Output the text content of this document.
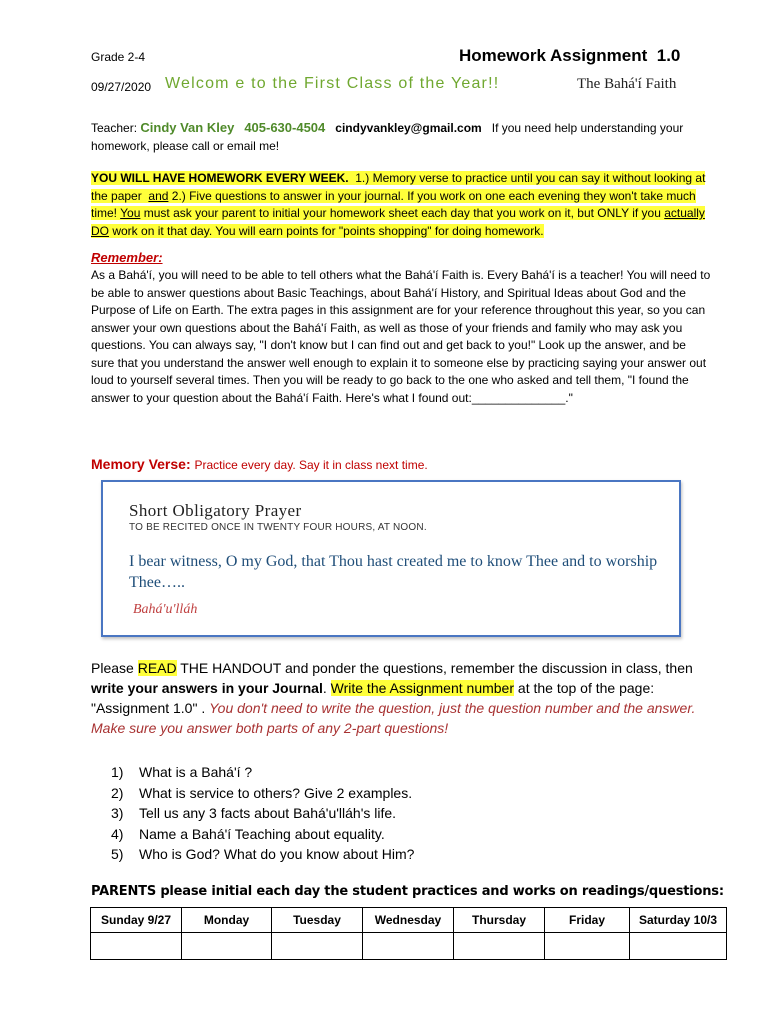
Grade 2-4	Homework Assignment  1.0
09/27/2020 Welcom e to the First Class of the Year!!	The Bahá'í Faith
Teacher: Cindy Van Kley 405-630-4504 cindyvankley@gmail.com If you need help understanding your homework, please call or email me!
YOU WILL HAVE HOMEWORK EVERY WEEK. 1.) Memory verse to practice until you can say it without looking at the paper and 2.) Five questions to answer in your journal. If you work on one each evening they won't take much time! You must ask your parent to initial your homework sheet each day that you work on it, but ONLY if you actually DO work on it that day. You will earn points for "points shopping" for doing homework.
Remember:
As a Bahá'í, you will need to be able to tell others what the Bahá'í Faith is. Every Bahá'í is a teacher! You will need to be able to answer questions about Basic Teachings, about Bahá'í History, and Spiritual Ideas about God and the Purpose of Life on Earth. The extra pages in this assignment are for your reference throughout this year, so you can answer your own questions about the Bahá'í Faith, as well as those of your friends and family who may ask you questions. You can always say, "I don't know but I can find out and get back to you!" Look up the answer, and be sure that you understand the answer well enough to explain it to someone else by practicing saying your answer out loud to yourself several times. Then you will be ready to go back to the one who asked and tell them, "I found the answer to your question about the Bahá'í Faith. Here's what I found out:______________."
Memory Verse: Practice every day. Say it in class next time.
Short Obligatory Prayer
TO BE RECITED ONCE IN TWENTY FOUR HOURS, AT NOON.
I bear witness, O my God, that Thou hast created me to know Thee and to worship Thee…..
Bahá'u'lláh
Please READ THE HANDOUT and ponder the questions, remember the discussion in class, then write your answers in your Journal. Write the Assignment number at the top of the page: "Assignment 1.0" . You don't need to write the question, just the question number and the answer. Make sure you answer both parts of any 2-part questions!
1) What is a Bahá'í ?
2) What is service to others? Give 2 examples.
3) Tell us any 3 facts about Bahá'u'lláh's life.
4) Name a Bahá'í Teaching about equality.
5) Who is God? What do you know about Him?
PARENTS please initial each day the student practices and works on readings/questions:
Sunday 9/27	Monday	Tuesday	Wednesday	Thursday	Friday	Saturday 10/3
